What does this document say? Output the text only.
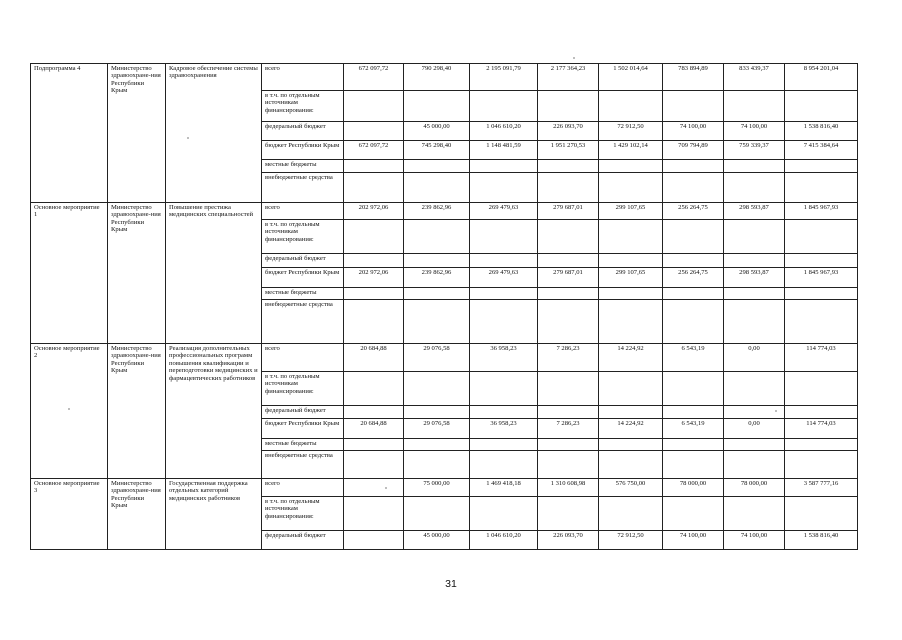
Подпрограмма 4	Министерство здравоохране-ния Республики Крым	Кадровое обеспечение системы здравоохранения	всего	672 097,72	790 298,40	2 195 091,79	2 177 364,23	1 502 014,64	783 894,89	833 439,37	8 954 201,04
			в т.ч. по отдельным источникам финансирования:								
			федеральный бюджет		45 000,00	1 046 610,20	226 093,70	72 912,50	74 100,00	74 100,00	1 538 816,40
			бюджет Республики Крым	672 097,72	745 298,40	1 148 481,59	1 951 270,53	1 429 102,14	709 794,89	759 339,37	7 415 384,64
			местные бюджеты								
			внебюджетные средства								
Основное мероприятие 1	Министерство здравоохране-ния Республики Крым	Повышение престижа медицинских специальностей	всего	202 972,06	239 862,96	269 479,63	279 687,01	299 107,65	256 264,75	298 593,87	1 845 967,93
			в т.ч. по отдельным источникам финансирования:								
			федеральный бюджет								
			бюджет Республики Крым	202 972,06	239 862,96	269 479,63	279 687,01	299 107,65	256 264,75	298 593,87	1 845 967,93
			местные бюджеты								
			внебюджетные средства								
Основное мероприятие 2	Министерство здравоохране-ния Республики Крым	Реализация дополнительных профессиональных программ повышения квалификации и переподготовки медицинских и фармацевтических работников	всего	20 684,88	29 076,58	36 958,23	7 286,23	14 224,92	6 543,19	0,00	114 774,03
			в т.ч. по отдельным источникам финансирования:								
			федеральный бюджет								
			бюджет Республики Крым	20 684,88	29 076,58	36 958,23	7 286,23	14 224,92	6 543,19	0,00	114 774,03
			местные бюджеты								
			внебюджетные средства								
Основное мероприятие 3	Министерство здравоохране-ния Республики Крым	Государственная поддержка отдельных категорий медицинских работников	всего		75 000,00	1 469 418,18	1 310 608,98	576 750,00	78 000,00	78 000,00	3 587 777,16
			в т.ч. по отдельным источникам финансирования:								
			федеральный бюджет		45 000,00	1 046 610,20	226 093,70	72 912,50	74 100,00	74 100,00	1 538 816,40
31
